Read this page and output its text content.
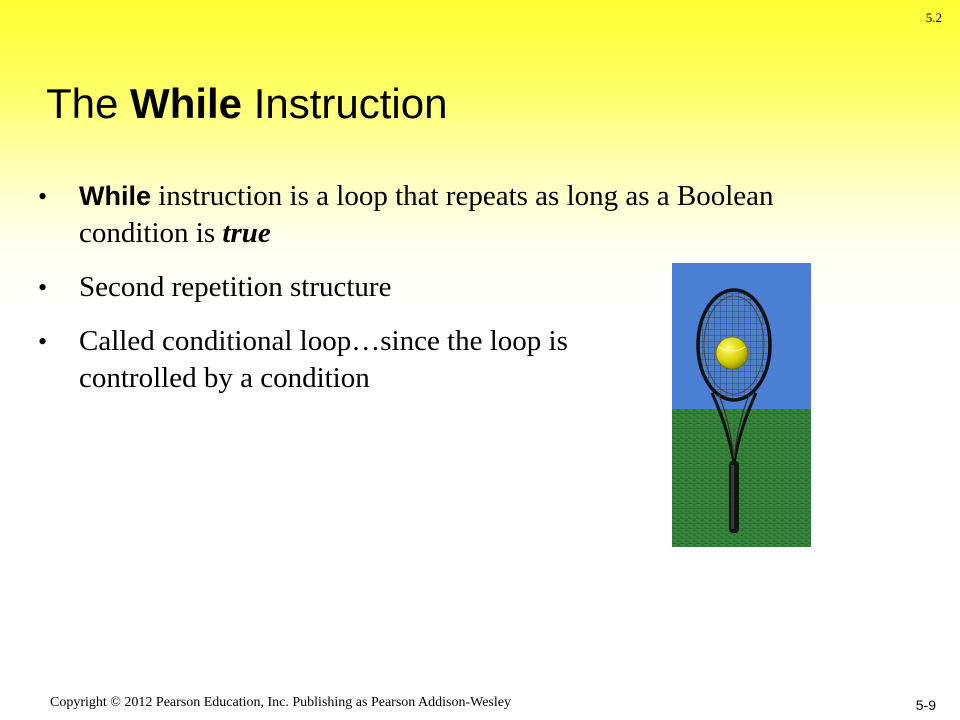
5.2
The While Instruction
• While instruction is a loop that repeats as long as a Boolean condition is true
• Second repetition structure
• Called conditional loop…since the loop is controlled by a condition
Copyright © 2012 Pearson Education, Inc. Publishing as Pearson Addison-Wesley	5-9
